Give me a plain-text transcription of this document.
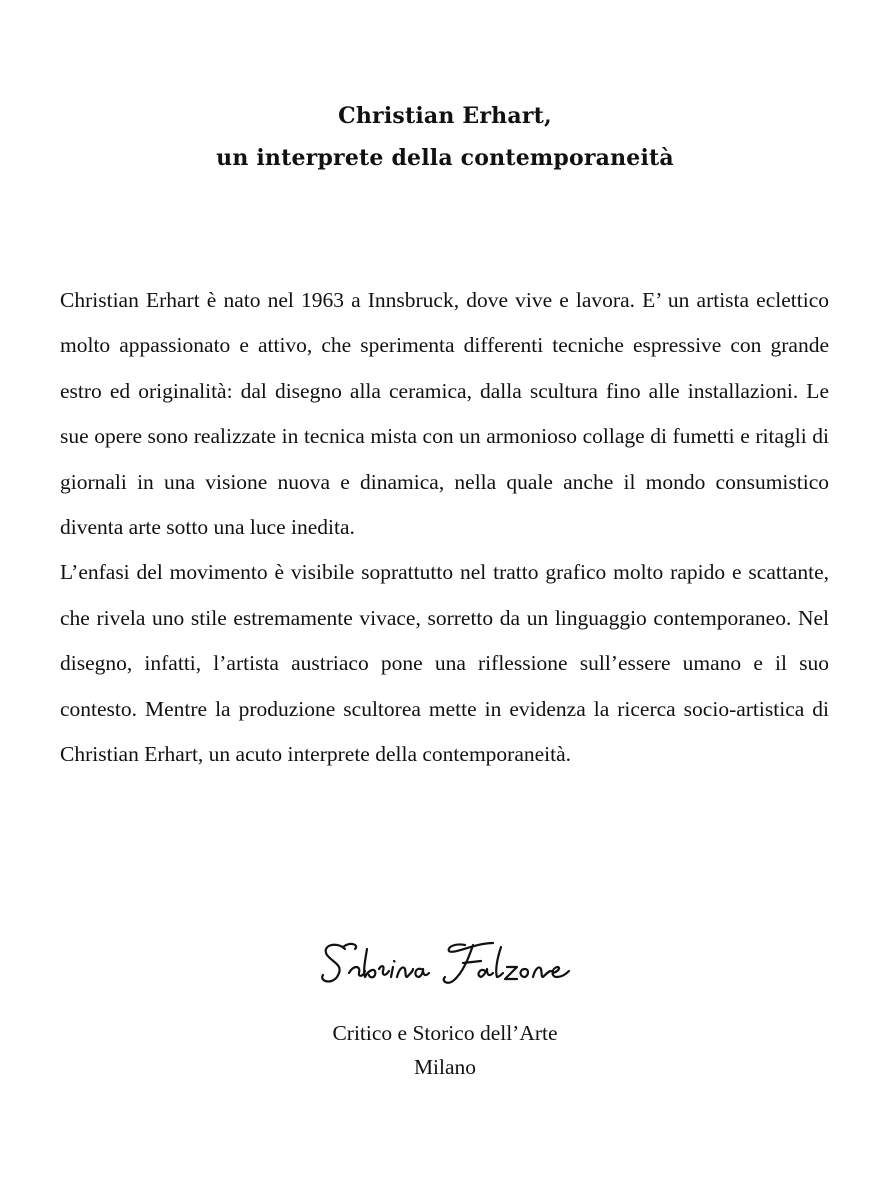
Christian Erhart,
un interprete della contemporaneità

Christian Erhart è nato nel 1963 a Innsbruck, dove vive e lavora. E’ un artista eclettico molto appassionato e attivo, che sperimenta differenti tecniche espressive con grande estro ed originalità: dal disegno alla ceramica, dalla scultura fino alle installazioni. Le sue opere sono realizzate in tecnica mista con un armonioso collage di fumetti e ritagli di giornali in una visione nuova e dinamica, nella quale anche il mondo consumistico diventa arte sotto una luce inedita.

L’enfasi del movimento è visibile soprattutto nel tratto grafico molto rapido e scattante, che rivela uno stile estremamente vivace, sorretto da un linguaggio contemporaneo. Nel disegno, infatti, l’artista austriaco pone una riflessione sull’essere umano e il suo contesto. Mentre la produzione scultorea mette in evidenza la ricerca socio-artistica di Christian Erhart, un acuto interprete della contemporaneità.

Critico e Storico dell’Arte
Milano
